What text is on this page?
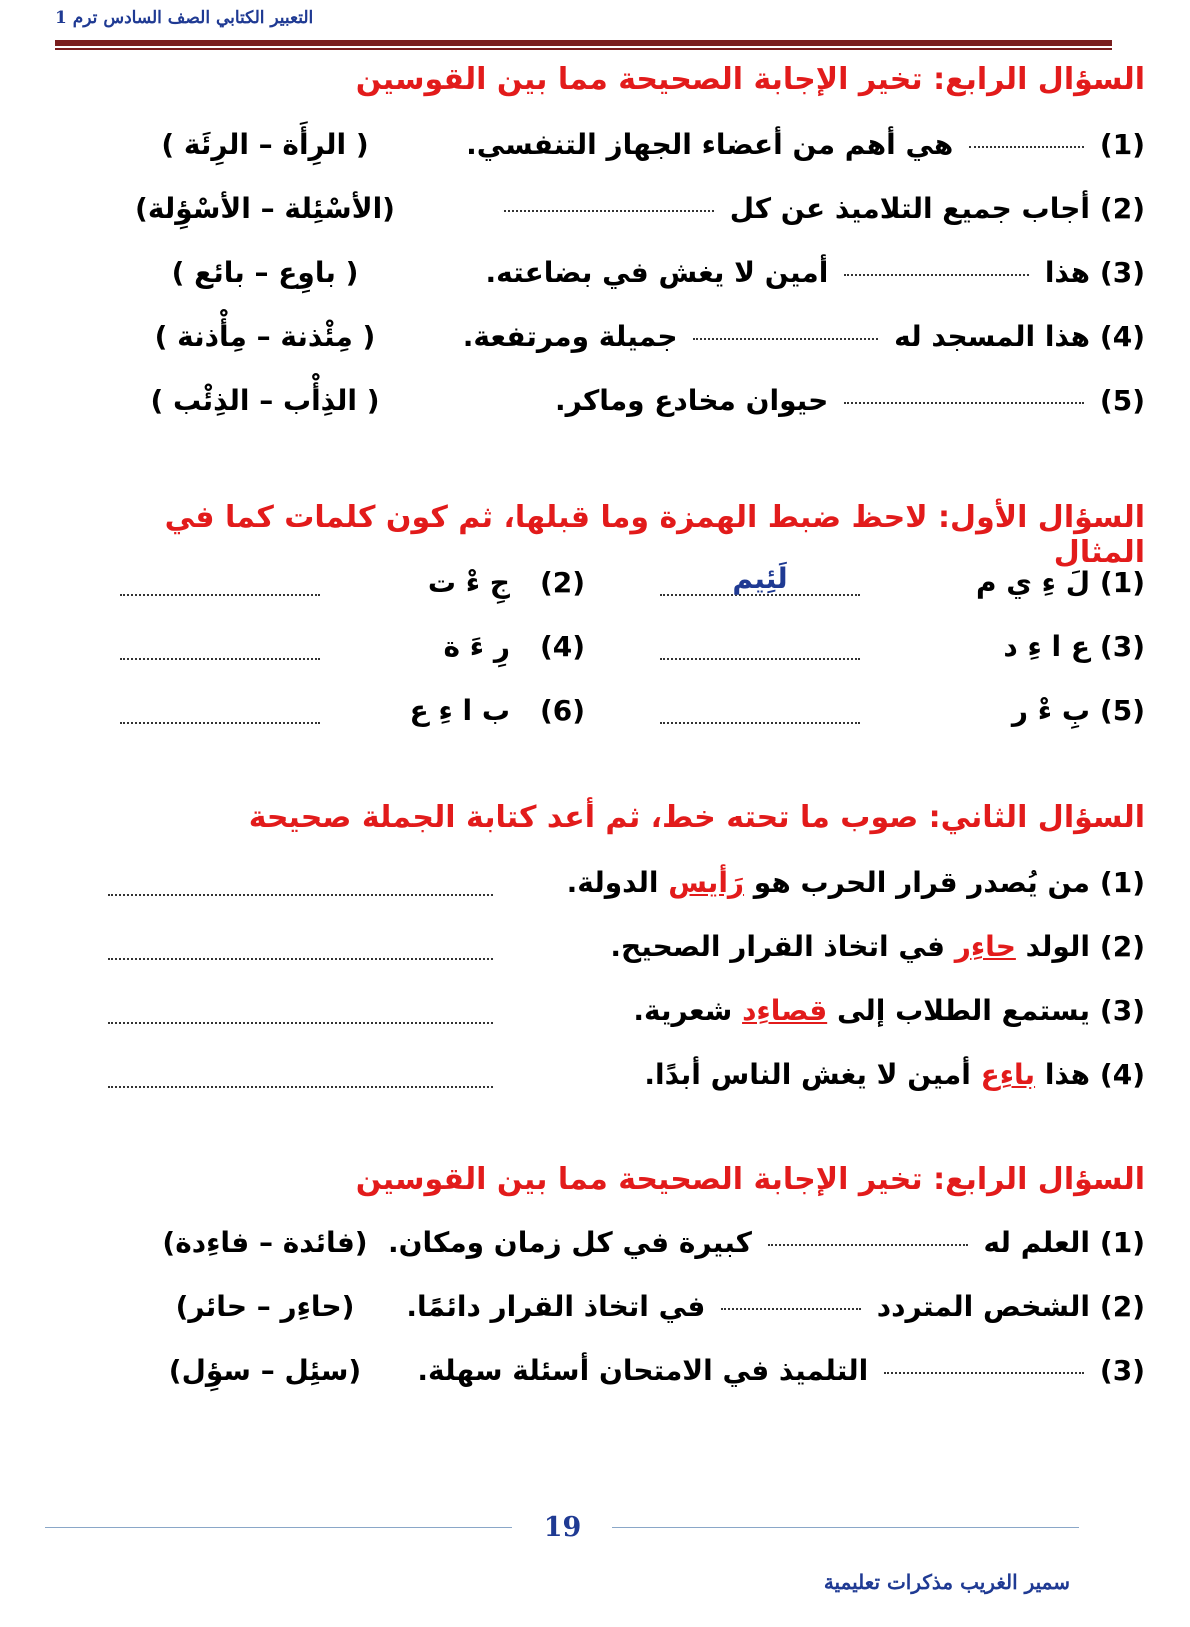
التعبير الكتابي الصف السادس ترم 1
السؤال الرابع: تخير الإجابة الصحيحة مما بين القوسين
(1)
هي أهم من أعضاء الجهاز التنفسي.
( الرِأَة – الرِئَة )
(2)
أجاب جميع التلاميذ عن كل
(الأسْئِلة – الأسْؤِلة)
(3)
هذا  أمين لا يغش في بضاعته.
( باوِع – بائع )
(4)
هذا المسجد له  جميلة ومرتفعة.
( مِئْذنة – مِأْذنة )
(5)
حيوان مخادع وماكر.
( الذِأْب – الذِئْب )
السؤال الأول: لاحظ ضبط الهمزة وما قبلها، ثم كون كلمات كما في المثال
(1)
لَ ءِ ي م
لَئِيم
(2)
جِ ءْ ت
(3)
ع ا ءِ د
(4)
رِ ءَ ة
(5)
بِ ءْ ر
(6)
ب ا ءِ ع
السؤال الثاني: صوب ما تحته خط، ثم أعد كتابة الجملة صحيحة
(1)
من يُصدر قرار الحرب هو رَأيس الدولة.
(2)
الولد حاءِر في اتخاذ القرار الصحيح.
(3)
يستمع الطلاب إلى قصاءِد شعرية.
(4)
هذا باءِع أمين لا يغش الناس أبدًا.
السؤال الرابع: تخير الإجابة الصحيحة مما بين القوسين
(1)
العلم له  كبيرة في كل زمان ومكان.
(فائدة – فاءِدة)
(2)
الشخص المتردد  في اتخاذ القرار دائمًا.
(حاءِر – حائر)
(3)
التلميذ في الامتحان أسئلة سهلة.
(سئِل – سؤِل)
19
سمير الغريب مذكرات تعليمية
